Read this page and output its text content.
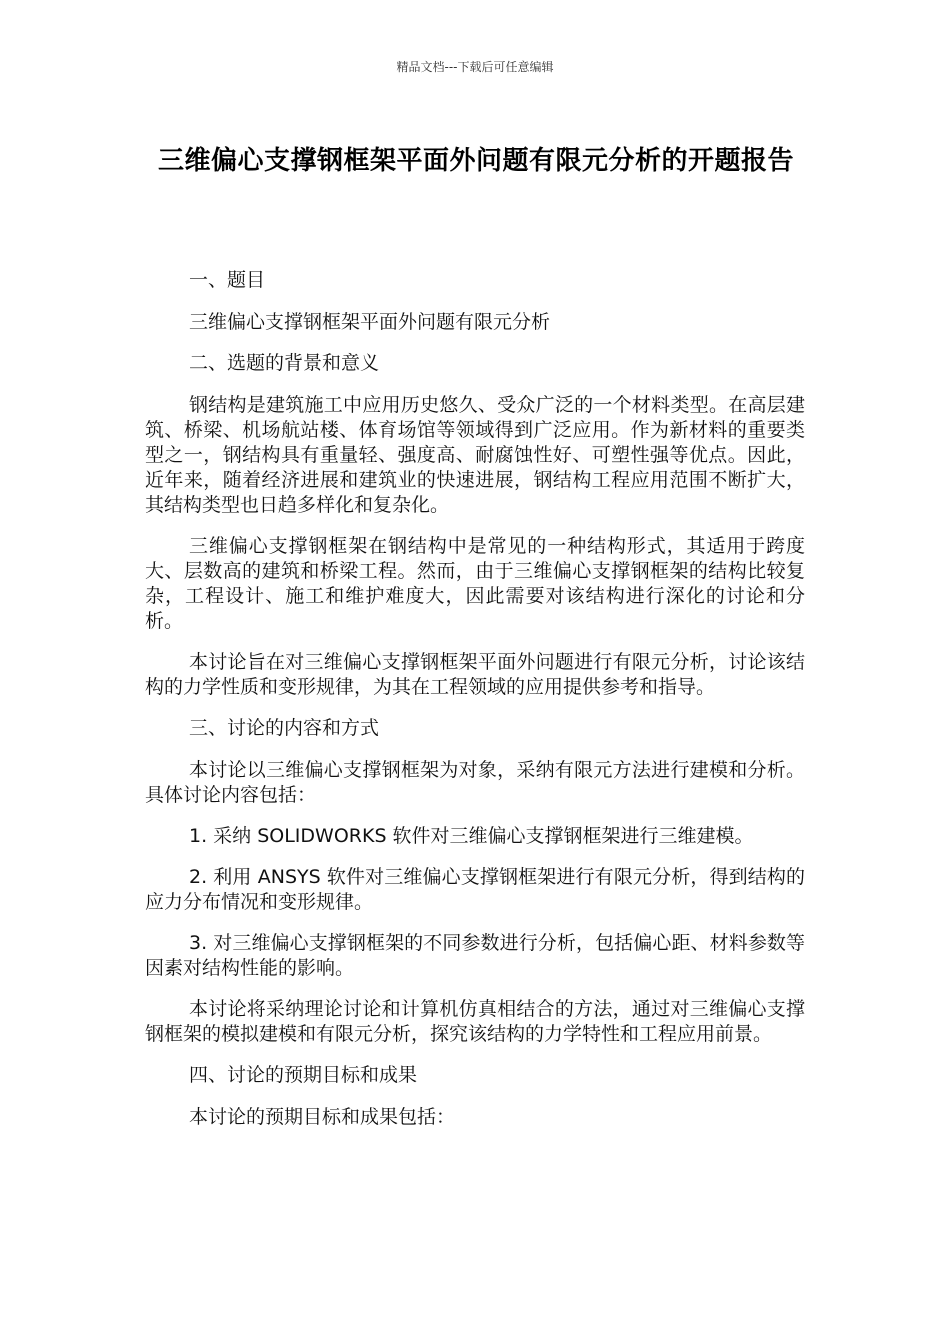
精品文档---下载后可任意编辑
三维偏心支撑钢框架平面外问题有限元分析的开题报告

一、题目

三维偏心支撑钢框架平面外问题有限元分析

二、选题的背景和意义

钢结构是建筑施工中应用历史悠久、受众广泛的一个材料类型。在高层建筑、桥梁、机场航站楼、体育场馆等领域得到广泛应用。作为新材料的重要类型之一，钢结构具有重量轻、强度高、耐腐蚀性好、可塑性强等优点。因此，近年来，随着经济进展和建筑业的快速进展，钢结构工程应用范围不断扩大，其结构类型也日趋多样化和复杂化。

三维偏心支撑钢框架在钢结构中是常见的一种结构形式，其适用于跨度大、层数高的建筑和桥梁工程。然而，由于三维偏心支撑钢框架的结构比较复杂，工程设计、施工和维护难度大，因此需要对该结构进行深化的讨论和分析。

本讨论旨在对三维偏心支撑钢框架平面外问题进行有限元分析，讨论该结构的力学性质和变形规律，为其在工程领域的应用提供参考和指导。

三、讨论的内容和方式

本讨论以三维偏心支撑钢框架为对象，采纳有限元方法进行建模和分析。具体讨论内容包括：

1. 采纳 SOLIDWORKS 软件对三维偏心支撑钢框架进行三维建模。

2. 利用 ANSYS 软件对三维偏心支撑钢框架进行有限元分析，得到结构的应力分布情况和变形规律。

3. 对三维偏心支撑钢框架的不同参数进行分析，包括偏心距、材料参数等因素对结构性能的影响。

本讨论将采纳理论讨论和计算机仿真相结合的方法，通过对三维偏心支撑钢框架的模拟建模和有限元分析，探究该结构的力学特性和工程应用前景。

四、讨论的预期目标和成果

本讨论的预期目标和成果包括：
